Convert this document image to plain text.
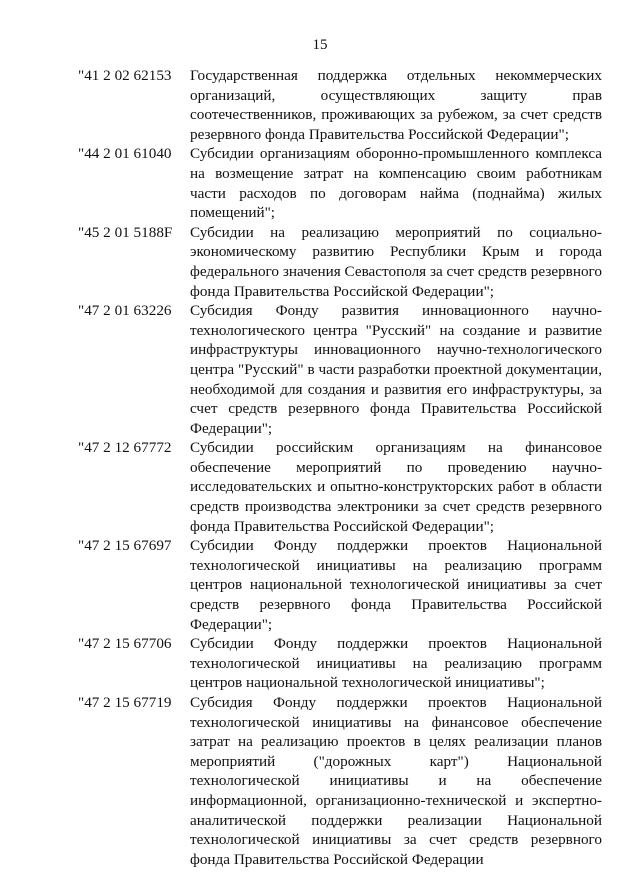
15
"41 2 02 62153	Государственная поддержка отдельных некоммерческих организаций, осуществляющих защиту прав соотечественников, проживающих за рубежом, за счет средств резервного фонда Правительства Российской Федерации";
"44 2 01 61040	Субсидии организациям оборонно-промышленного комплекса на возмещение затрат на компенсацию своим работникам части расходов по договорам найма (поднайма) жилых помещений";
"45 2 01 5188F	Субсидии на реализацию мероприятий по социально-экономическому развитию Республики Крым и города федерального значения Севастополя за счет средств резервного фонда Правительства Российской Федерации";
"47 2 01 63226	Субсидия Фонду развития инновационного научно-технологического центра "Русский" на создание и развитие инфраструктуры инновационного научно-технологического центра "Русский" в части разработки проектной документации, необходимой для создания и развития его инфраструктуры, за счет средств резервного фонда Правительства Российской Федерации";
"47 2 12 67772	Субсидии российским организациям на финансовое обеспечение мероприятий по проведению научно-исследовательских и опытно-конструкторских работ в области средств производства электроники за счет средств резервного фонда Правительства Российской Федерации";
"47 2 15 67697	Субсидии Фонду поддержки проектов Национальной технологической инициативы на реализацию программ центров национальной технологической инициативы за счет средств резервного фонда Правительства Российской Федерации";
"47 2 15 67706	Субсидии Фонду поддержки проектов Национальной технологической инициативы на реализацию программ центров национальной технологической инициативы";
"47 2 15 67719	Субсидия Фонду поддержки проектов Национальной технологической инициативы на финансовое обеспечение затрат на реализацию проектов в целях реализации планов мероприятий ("дорожных карт") Национальной технологической инициативы и на обеспечение информационной, организационно-технической и экспертно-аналитической поддержки реализации Национальной технологической инициативы за счет средств резервного фонда Правительства Российской Федерации
